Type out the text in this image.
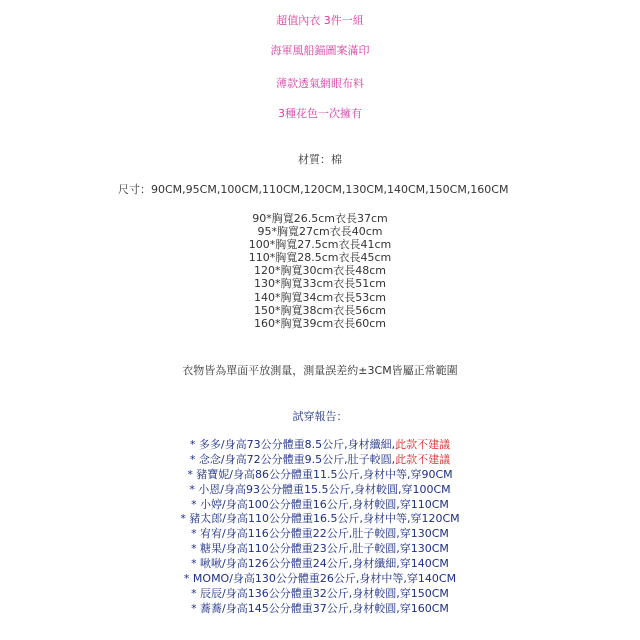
超值內衣 3件一組
海軍風船錨圖案滿印
薄款透氣網眼布料
3種花色一次擁有
材質：棉
尺寸：90CM,95CM,100CM,110CM,120CM,130CM,140CM,150CM,160CM
90*胸寬26.5cm衣長37cm
95*胸寬27cm衣長40cm
100*胸寬27.5cm衣長41cm
110*胸寬28.5cm衣長45cm
120*胸寬30cm衣長48cm
130*胸寬33cm衣長51cm
140*胸寬34cm衣長53cm
150*胸寬38cm衣長56cm
160*胸寬39cm衣長60cm
衣物皆為單面平放測量，測量誤差約±3CM皆屬正常範圍
試穿報告：
* 多多/身高73公分體重8.5公斤,身材纖細,此款不建議
* 念念/身高72公分體重9.5公斤,肚子較圓,此款不建議
* 豬寶妮/身高86公分體重11.5公斤,身材中等,穿90CM
* 小恩/身高93公分體重15.5公斤,身材較圓,穿100CM
* 小婷/身高100公分體重16公斤,身材較圓,穿110CM
* 豬太郎/身高110公分體重16.5公斤,身材中等,穿120CM
* 宥宥/身高116公分體重22公斤,肚子較圓,穿130CM
* 糖果/身高110公分體重23公斤,肚子較圓,穿130CM
* 啾啾/身高126公分體重24公斤,身材纖細,穿140CM
* MOMO/身高130公分體重26公斤,身材中等,穿140CM
* 辰辰/身高136公分體重32公斤,身材較圓,穿150CM
* 蕎蕎/身高145公分體重37公斤,身材較圓,穿160CM
